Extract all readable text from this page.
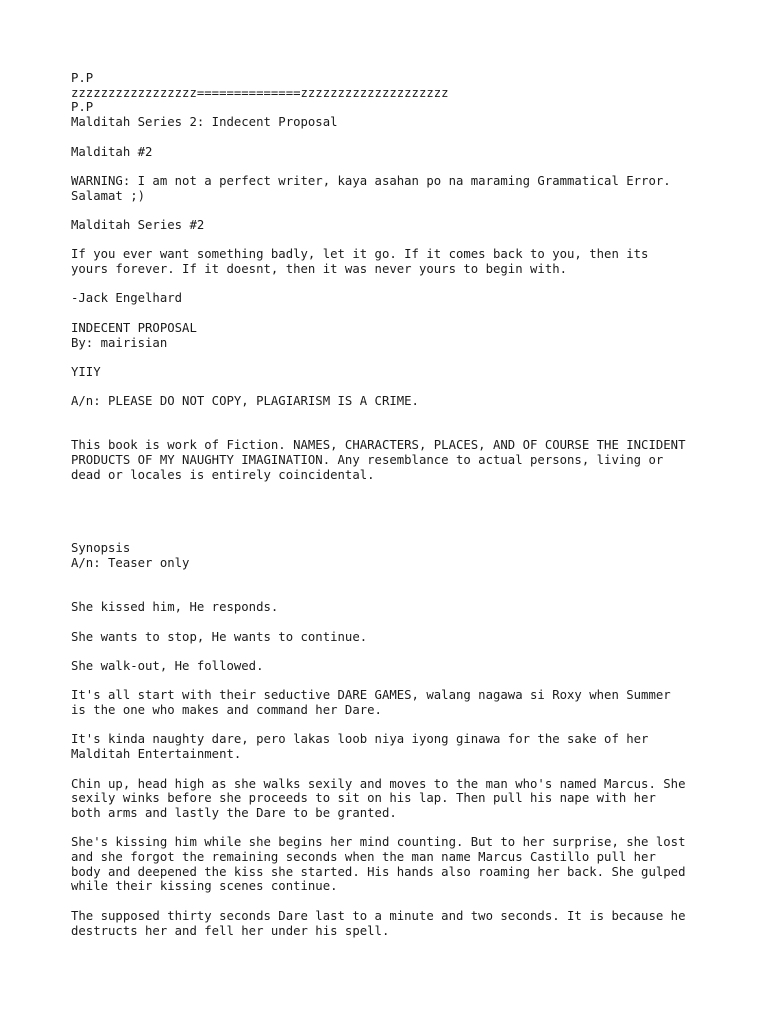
P.P
zzzzzzzzzzzzzzzzz==============zzzzzzzzzzzzzzzzzzzz
P.P
Malditah Series 2: Indecent Proposal
Malditah #2
WARNING: I am not a perfect writer, kaya asahan po na maraming Grammatical Error.
Salamat ;)
Malditah Series #2
If you ever want something badly, let it go. If it comes back to you, then its
yours forever. If it doesnt, then it was never yours to begin with.
-Jack Engelhard
INDECENT PROPOSAL
By: mairisian
YIIY
A/n: PLEASE DO NOT COPY, PLAGIARISM IS A CRIME.
This book is work of Fiction. NAMES, CHARACTERS, PLACES, AND OF COURSE THE INCIDENT
PRODUCTS OF MY NAUGHTY IMAGINATION. Any resemblance to actual persons, living or
dead or locales is entirely coincidental.
Synopsis
A/n: Teaser only
She kissed him, He responds.
She wants to stop, He wants to continue.
She walk-out, He followed.
It's all start with their seductive DARE GAMES, walang nagawa si Roxy when Summer
is the one who makes and command her Dare.
It's kinda naughty dare, pero lakas loob niya iyong ginawa for the sake of her
Malditah Entertainment.
Chin up, head high as she walks sexily and moves to the man who's named Marcus. She
sexily winks before she proceeds to sit on his lap. Then pull his nape with her
both arms and lastly the Dare to be granted.
She's kissing him while she begins her mind counting. But to her surprise, she lost
and she forgot the remaining seconds when the man name Marcus Castillo pull her
body and deepened the kiss she started. His hands also roaming her back. She gulped
while their kissing scenes continue.
The supposed thirty seconds Dare last to a minute and two seconds. It is because he
destructs her and fell her under his spell.
